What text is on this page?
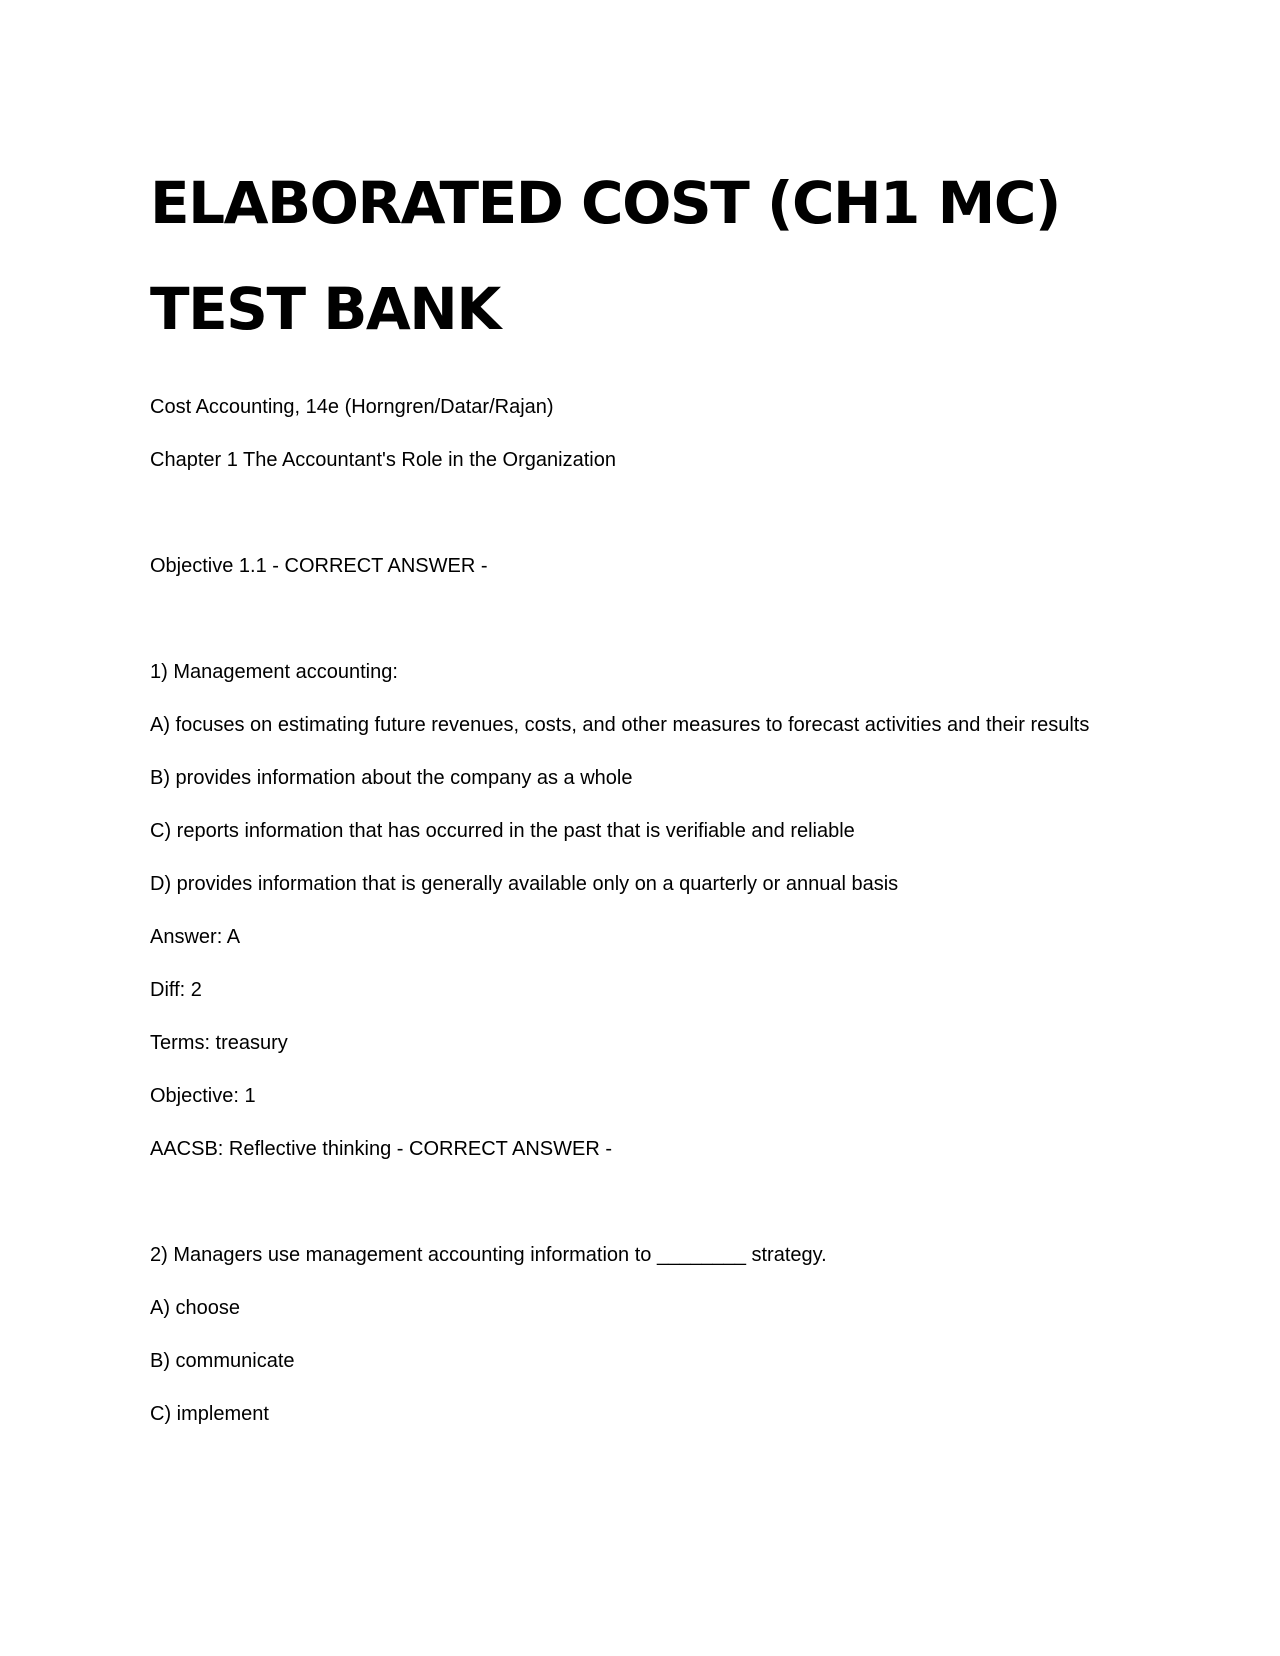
ELABORATED COST (CH1 MC)
TEST BANK

Cost Accounting, 14e (Horngren/Datar/Rajan)

Chapter 1 The Accountant's Role in the Organization

Objective 1.1 - CORRECT ANSWER -

1) Management accounting:

A) focuses on estimating future revenues, costs, and other measures to forecast activities and their results

B) provides information about the company as a whole

C) reports information that has occurred in the past that is verifiable and reliable

D) provides information that is generally available only on a quarterly or annual basis

Answer: A

Diff: 2

Terms: treasury

Objective: 1

AACSB: Reflective thinking - CORRECT ANSWER -

2) Managers use management accounting information to ________ strategy.

A) choose

B) communicate

C) implement
